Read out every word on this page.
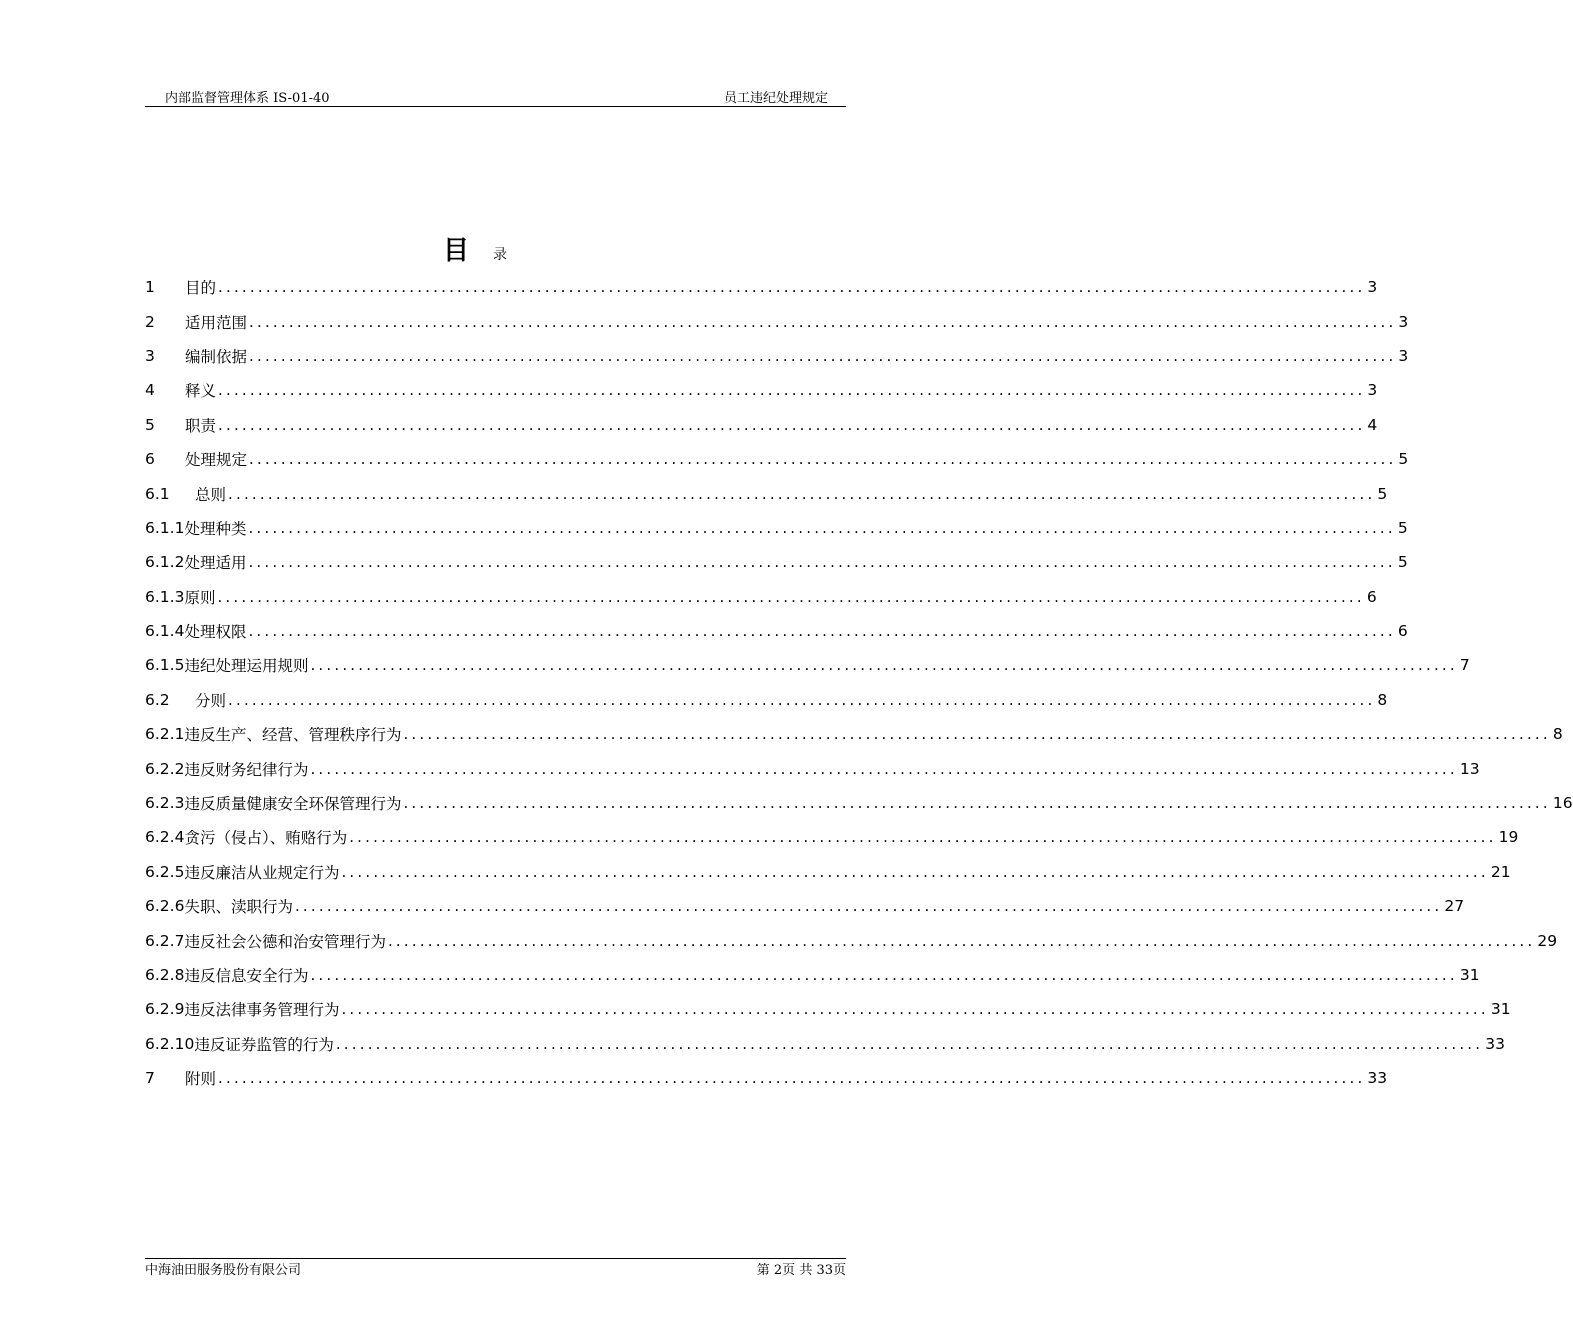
内部监督管理体系 IS-01-40	员工违纪处理规定
目 录
1	目的 ................................................................................................................................................ 3
2	适用范围 ................................................................................................................................................ 3
3	编制依据 ................................................................................................................................................ 3
4	释义 ................................................................................................................................................ 3
5	职责 ................................................................................................................................................ 4
6	处理规定 ................................................................................................................................................ 5
6.1	总则 ................................................................................................................................................ 5
6.1.1 处理种类 ................................................................................................................................................ 5
6.1.2 处理适用 ................................................................................................................................................ 5
6.1.3 原则 ................................................................................................................................................ 6
6.1.4 处理权限 ................................................................................................................................................ 6
6.1.5 违纪处理运用规则 ................................................................................................................................................ 7
6.2	分则 ................................................................................................................................................ 8
6.2.1 违反生产、经营、管理秩序行为 ................................................................................................................................................ 8
6.2.2 违反财务纪律行为 ................................................................................................................................................ 13
6.2.3 违反质量健康安全环保管理行为 ................................................................................................................................................ 16
6.2.4 贪污（侵占）、贿赂行为 ................................................................................................................................................ 19
6.2.5 违反廉洁从业规定行为 ................................................................................................................................................ 21
6.2.6 失职、渎职行为 ................................................................................................................................................ 27
6.2.7 违反社会公德和治安管理行为 ................................................................................................................................................ 29
6.2.8 违反信息安全行为 ................................................................................................................................................ 31
6.2.9 违反法律事务管理行为 ................................................................................................................................................ 31
6.2.10 违反证券监管的行为 ................................................................................................................................................ 33
7	附则 ................................................................................................................................................ 33
中海油田服务股份有限公司	第 2页 共 33页
